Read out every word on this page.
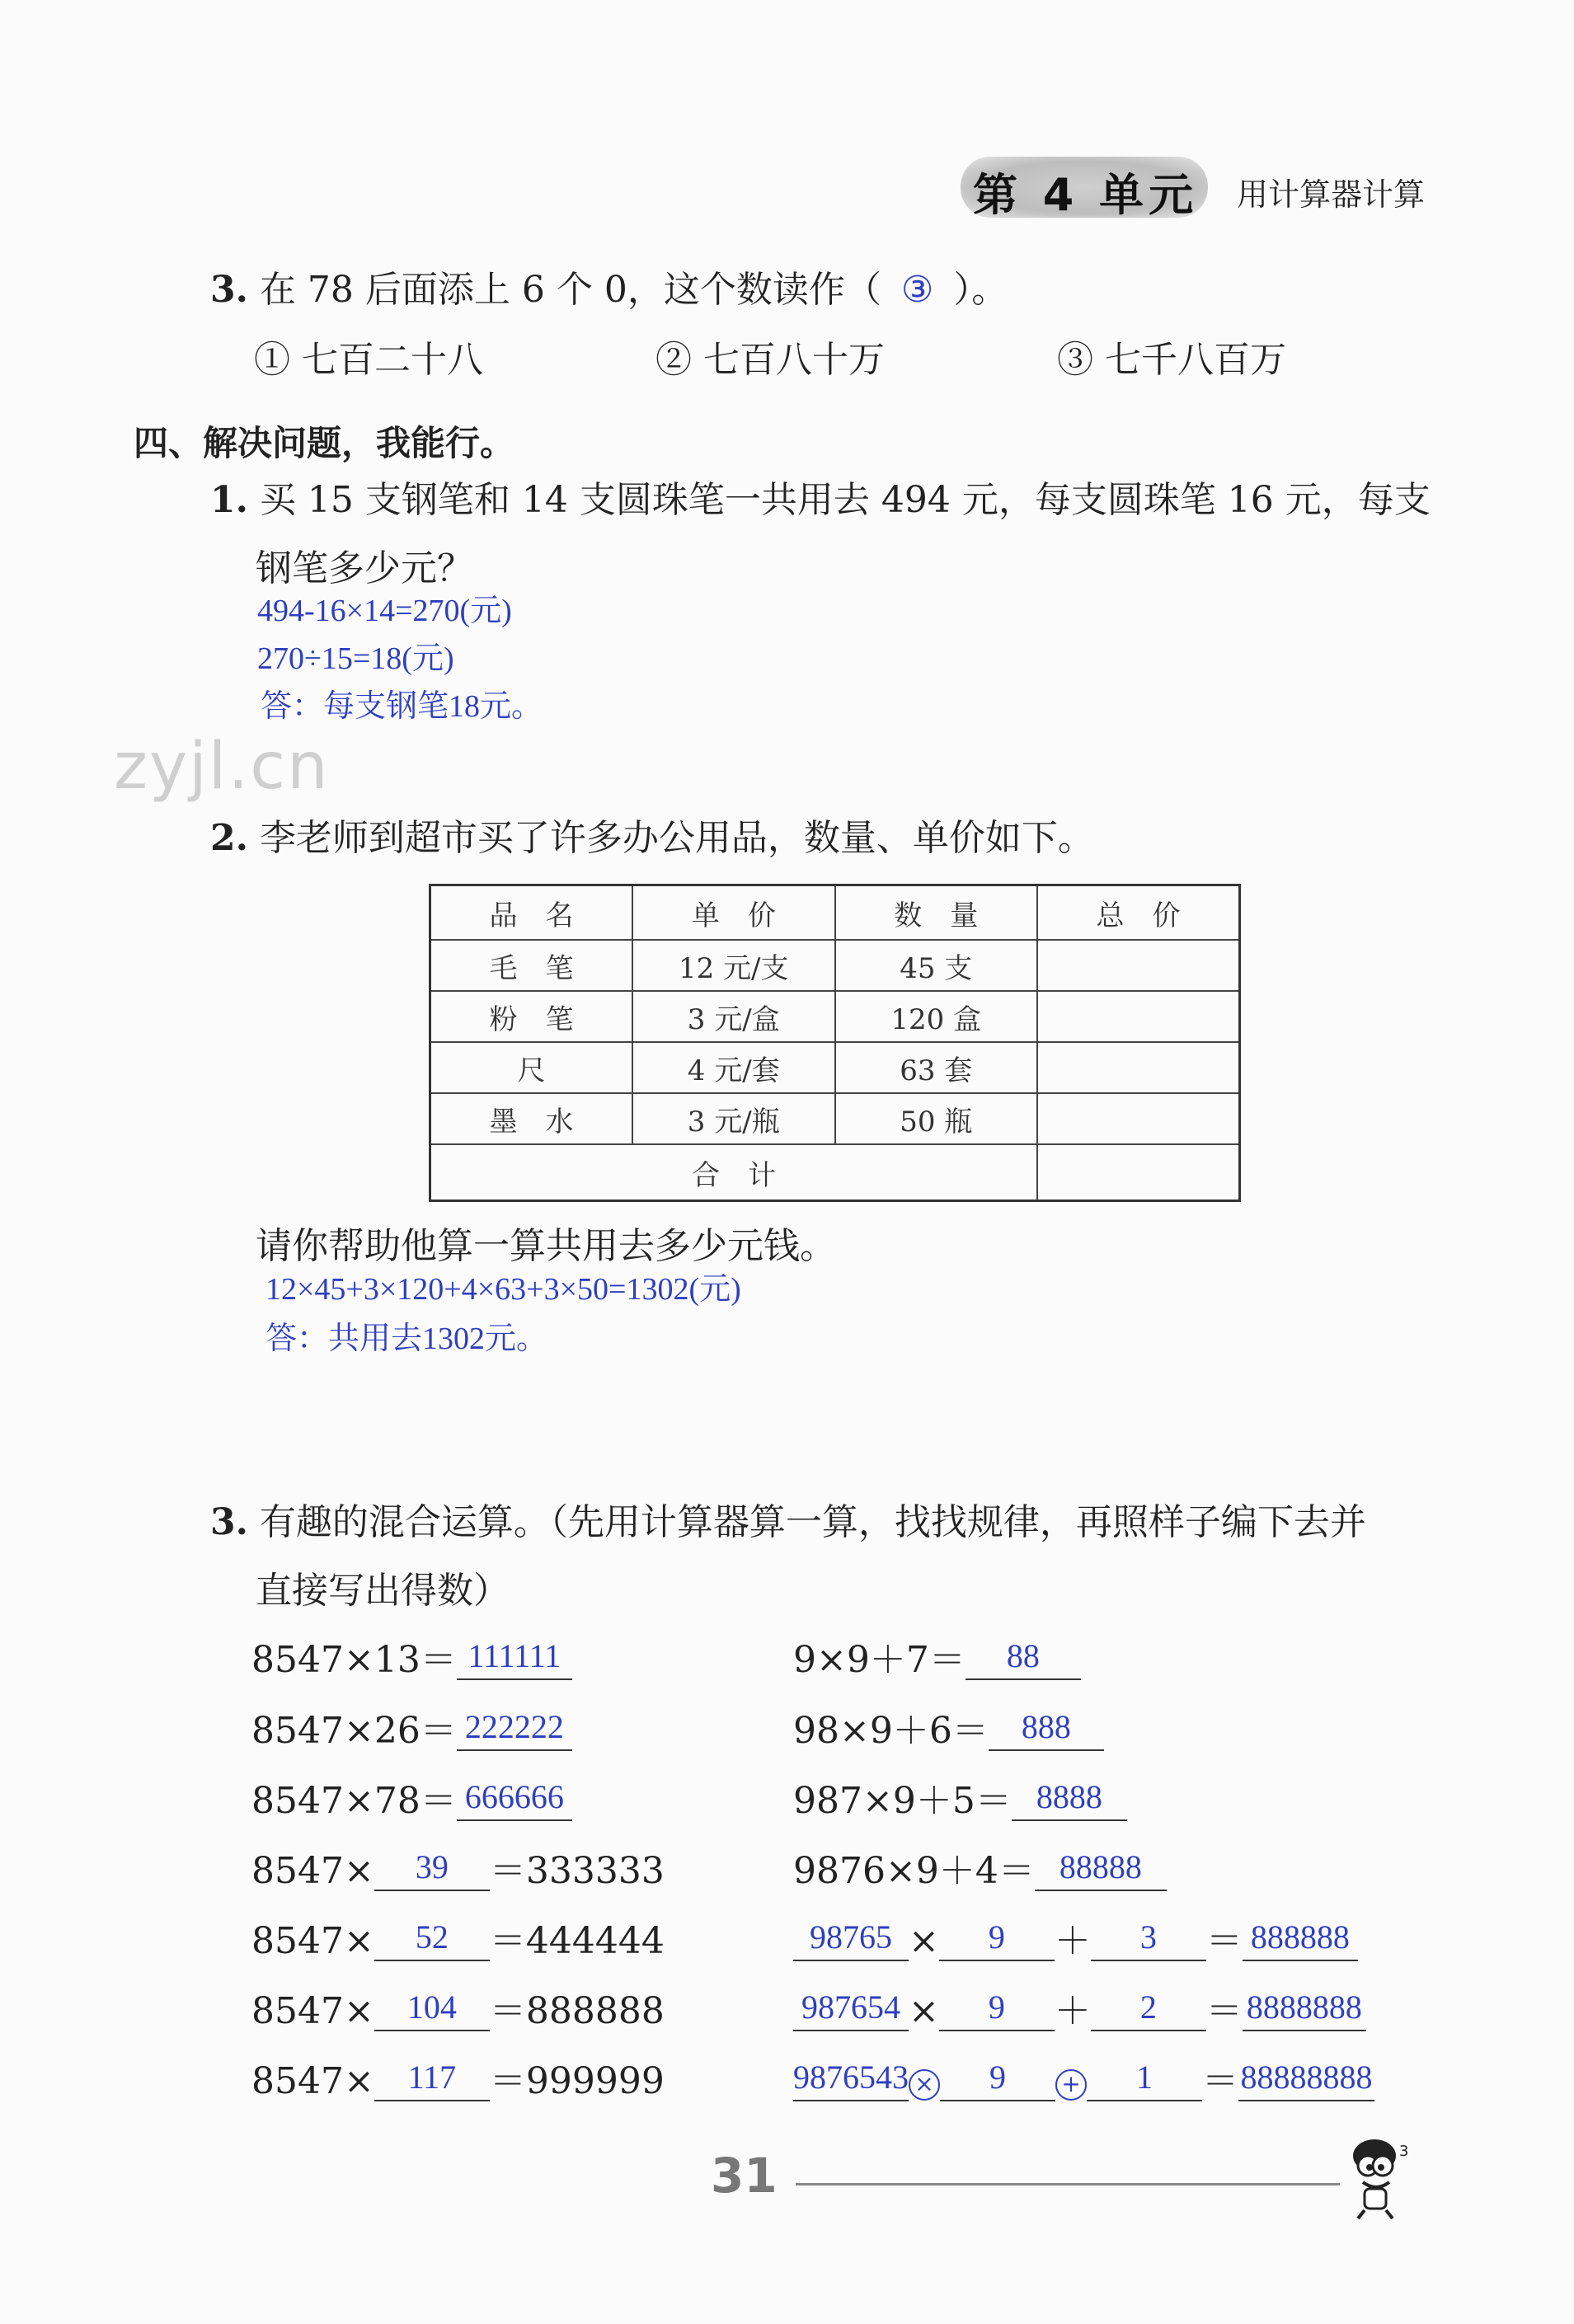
第 4 单元 用计算器计算
3. 在 78 后面添上 6 个 0，这个数读作（ ③ ）。
① 七百二十八	② 七百八十万	③ 七千八百万
四、解决问题，我能行。
1. 买 15 支钢笔和 14 支圆珠笔一共用去 494 元，每支圆珠笔 16 元，每支
钢笔多少元？
494-16×14=270(元)
270÷15=18(元)
答：每支钢笔18元。
zyjl.cn
2. 李老师到超市买了许多办公用品，数量、单价如下。
品　名	单　价	数　量	总　价
毛　笔	12 元/支	45 支	
粉　笔	3 元/盒	120 盒	
尺	4 元/套	63 套	
墨　水	3 元/瓶	50 瓶	
合　计			
请你帮助他算一算共用去多少元钱。
12×45+3×120+4×63+3×50=1302(元)
答：共用去1302元。
3. 有趣的混合运算。（先用计算器算一算，找找规律，再照样子编下去并
直接写出得数）
8547×13＝ 111111
8547×26＝ 222222
8547×78＝ 666666
8547× 39 ＝333333
8547× 52 ＝444444
8547× 104 ＝888888
8547× 117 ＝999999
9×9＋7＝ 88
98×9＋6＝ 888
987×9＋5＝ 8888
9876×9＋4＝ 88888
98765 × 9 ＋ 3 ＝ 888888
987654 × 9 ＋ 2 ＝ 8888888
9876543 × 9 + 1 ＝88888888
31	3
